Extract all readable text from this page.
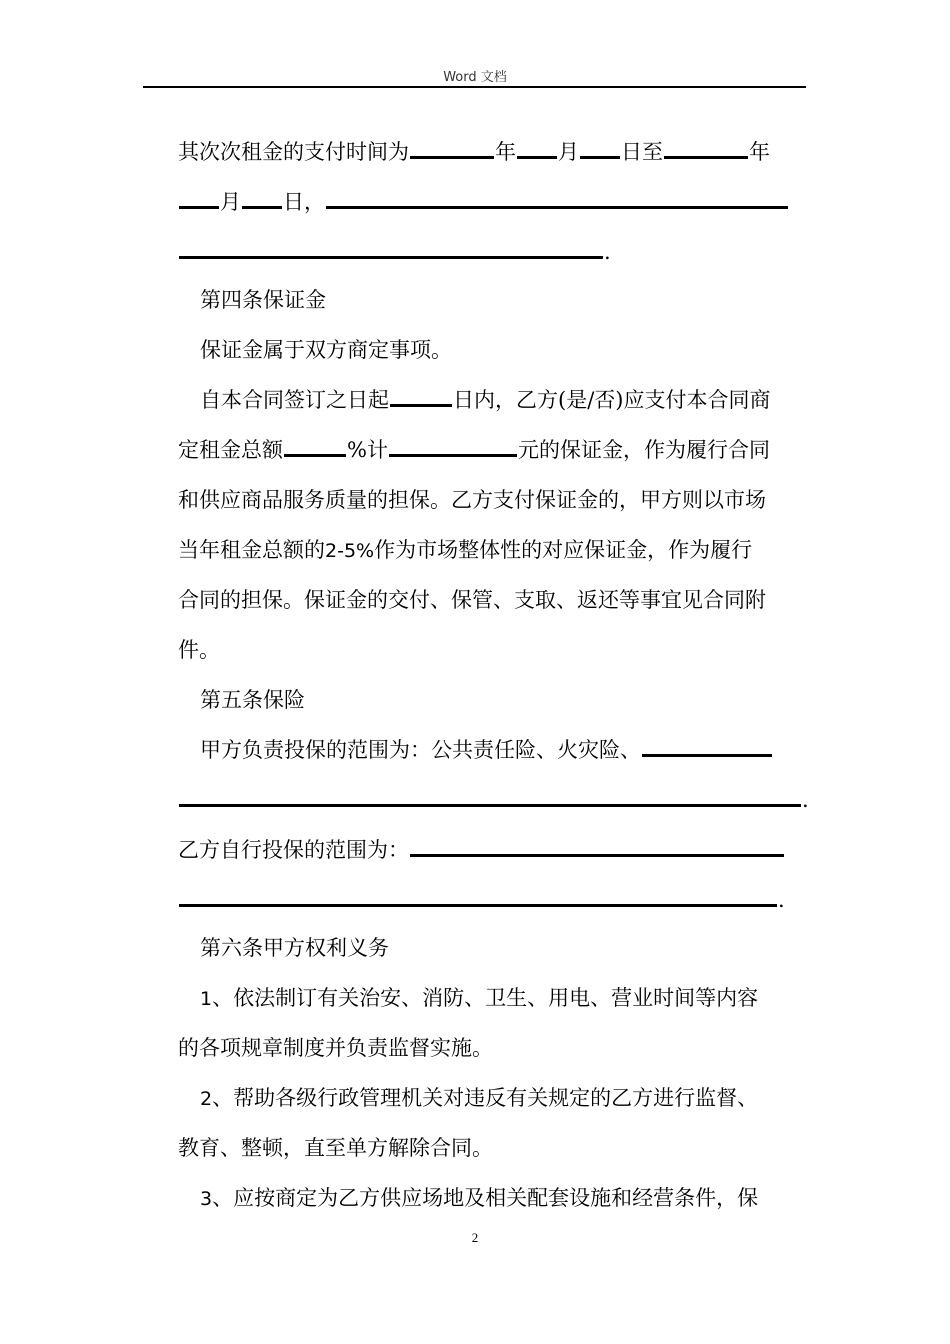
Word 文档
其次次租金的支付时间为	年 月 日至	年
月 日，
.
第四条保证金
保证金属于双方商定事项。
自本合同签订之日起	日内，乙方(是/否)应支付本合同商
定租金总额	%计	元的保证金，作为履行合同
和供应商品服务质量的担保。乙方支付保证金的，甲方则以市场
当年租金总额的2-5%作为市场整体性的对应保证金，作为履行
合同的担保。保证金的交付、保管、支取、返还等事宜见合同附
件。
第五条保险
甲方负责投保的范围为：公共责任险、火灾险、
.
乙方自行投保的范围为：
.
第六条甲方权利义务
1、依法制订有关治安、消防、卫生、用电、营业时间等内容
的各项规章制度并负责监督实施。
2、帮助各级行政管理机关对违反有关规定的乙方进行监督、
教育、整顿，直至单方解除合同。
3、应按商定为乙方供应场地及相关配套设施和经营条件，保
2
